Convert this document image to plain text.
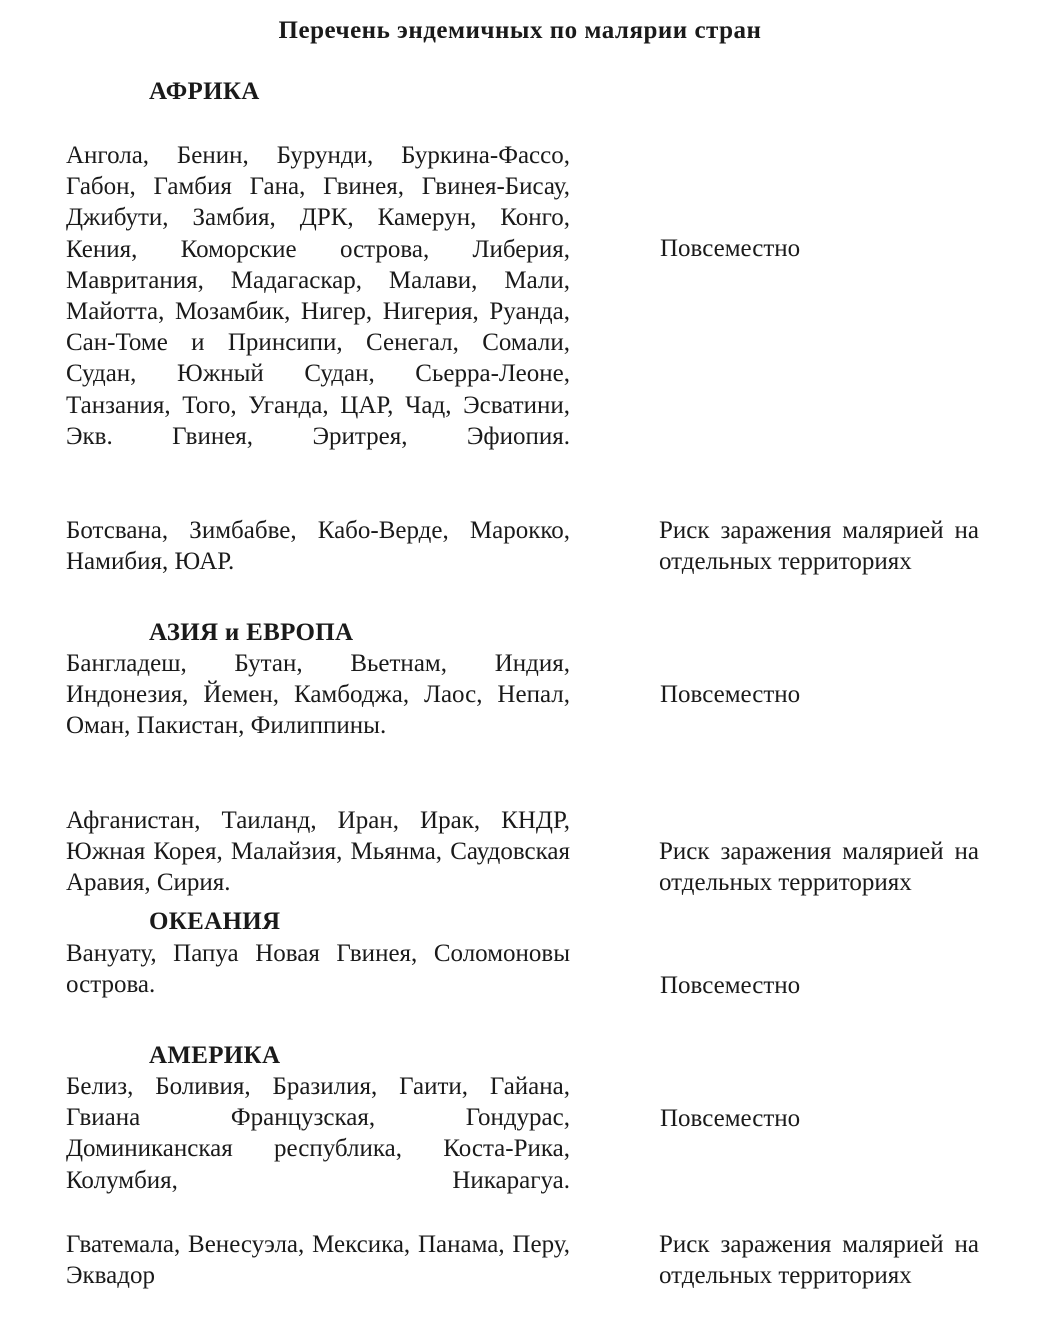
Перечень эндемичных по малярии стран
АФРИКА
Ангола, Бенин, Бурунди, Буркина-Фассо, Габон, Гамбия Гана, Гвинея, Гвинея-Бисау, Джибути, Замбия, ДРК, Камерун, Конго, Кения, Коморские острова, Либерия, Мавритания, Мадагаскар, Малави, Мали, Майотта, Мозамбик, Нигер, Нигерия, Руанда, Сан-Томе и Принсипи, Сенегал, Сомали, Судан, Южный Судан, Сьерра-Леоне, Танзания, Того, Уганда, ЦАР, Чад, Эсватини, Экв. Гвинея, Эритрея, Эфиопия.
Повсеместно
Ботсвана, Зимбабве, Кабо-Верде, Марокко, Намибия, ЮАР.
Риск заражения малярией на отдельных территориях
АЗИЯ и ЕВРОПА
Бангладеш, Бутан, Вьетнам, Индия, Индонезия, Йемен, Камбоджа, Лаос, Непал, Оман, Пакистан, Филиппины.
Повсеместно
Афганистан, Таиланд, Иран, Ирак, КНДР, Южная Корея, Малайзия, Мьянма, Саудовская Аравия, Сирия.
Риск заражения малярией на отдельных территориях
ОКЕАНИЯ
Вануату, Папуа Новая Гвинея, Соломоновы острова.	Повсеместно
АМЕРИКА
Белиз, Боливия, Бразилия, Гаити, Гайана, Гвиана Французская, Гондурас, Доминиканская республика, Коста-Рика, Колумбия, Никарагуа.
Повсеместно
Гватемала, Венесуэла, Мексика, Панама, Перу, Эквадор
Риск заражения малярией на отдельных территориях
